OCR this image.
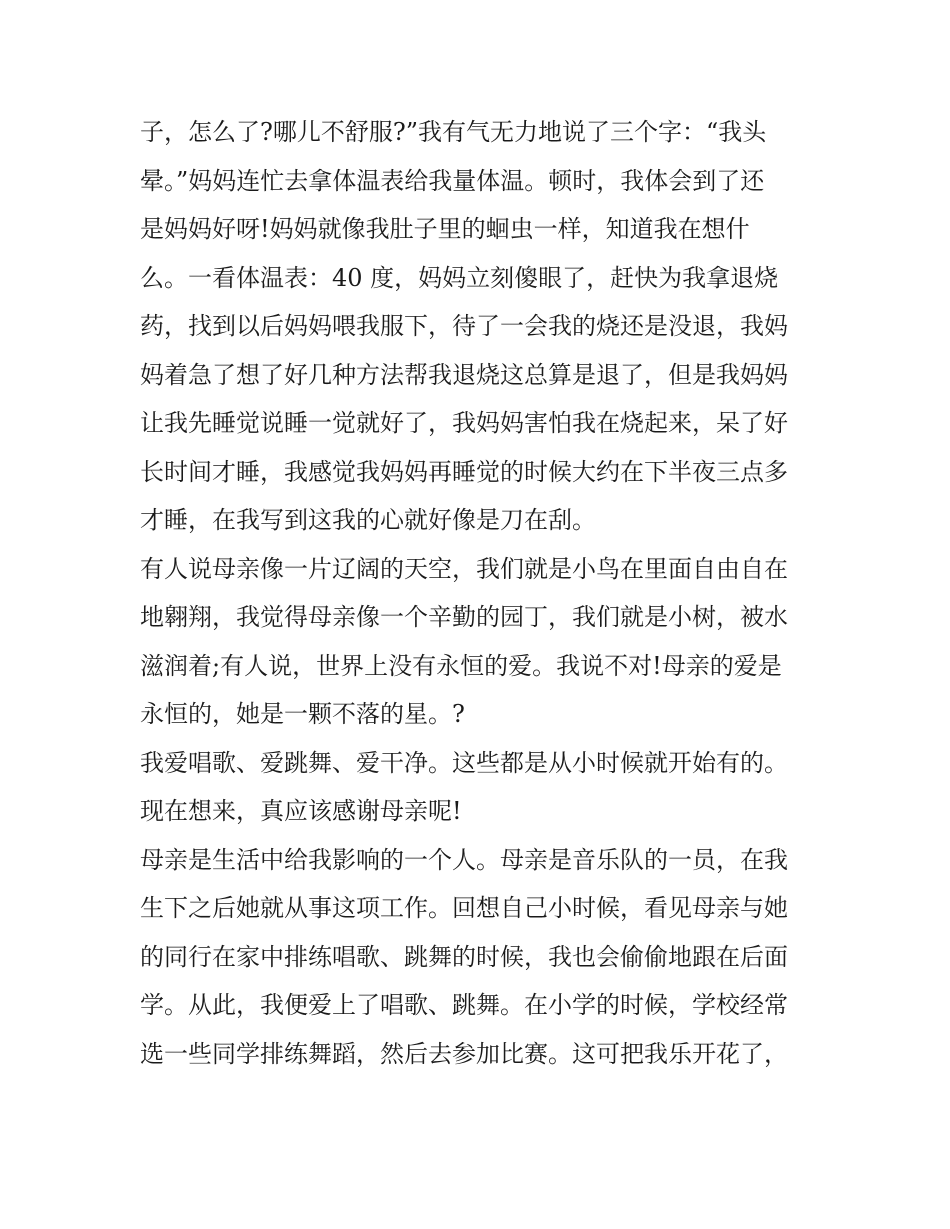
子，怎么了?哪儿不舒服?”我有气无力地说了三个字：“我头
晕。”妈妈连忙去拿体温表给我量体温。顿时，我体会到了还
是妈妈好呀!妈妈就像我肚子里的蛔虫一样，知道我在想什
么。一看体温表：40 度，妈妈立刻傻眼了，赶快为我拿退烧
药，找到以后妈妈喂我服下，待了一会我的烧还是没退，我妈
妈着急了想了好几种方法帮我退烧这总算是退了，但是我妈妈
让我先睡觉说睡一觉就好了，我妈妈害怕我在烧起来，呆了好
长时间才睡，我感觉我妈妈再睡觉的时候大约在下半夜三点多
才睡，在我写到这我的心就好像是刀在刮。
有人说母亲像一片辽阔的天空，我们就是小鸟在里面自由自在
地翱翔，我觉得母亲像一个辛勤的园丁，我们就是小树，被水
滋润着;有人说，世界上没有永恒的爱。我说不对!母亲的爱是
永恒的，她是一颗不落的星。?
我爱唱歌、爱跳舞、爱干净。这些都是从小时候就开始有的。
现在想来，真应该感谢母亲呢!
母亲是生活中给我影响的一个人。母亲是音乐队的一员，在我
生下之后她就从事这项工作。回想自己小时候，看见母亲与她
的同行在家中排练唱歌、跳舞的时候，我也会偷偷地跟在后面
学。从此，我便爱上了唱歌、跳舞。在小学的时候，学校经常
选一些同学排练舞蹈，然后去参加比赛。这可把我乐开花了，
